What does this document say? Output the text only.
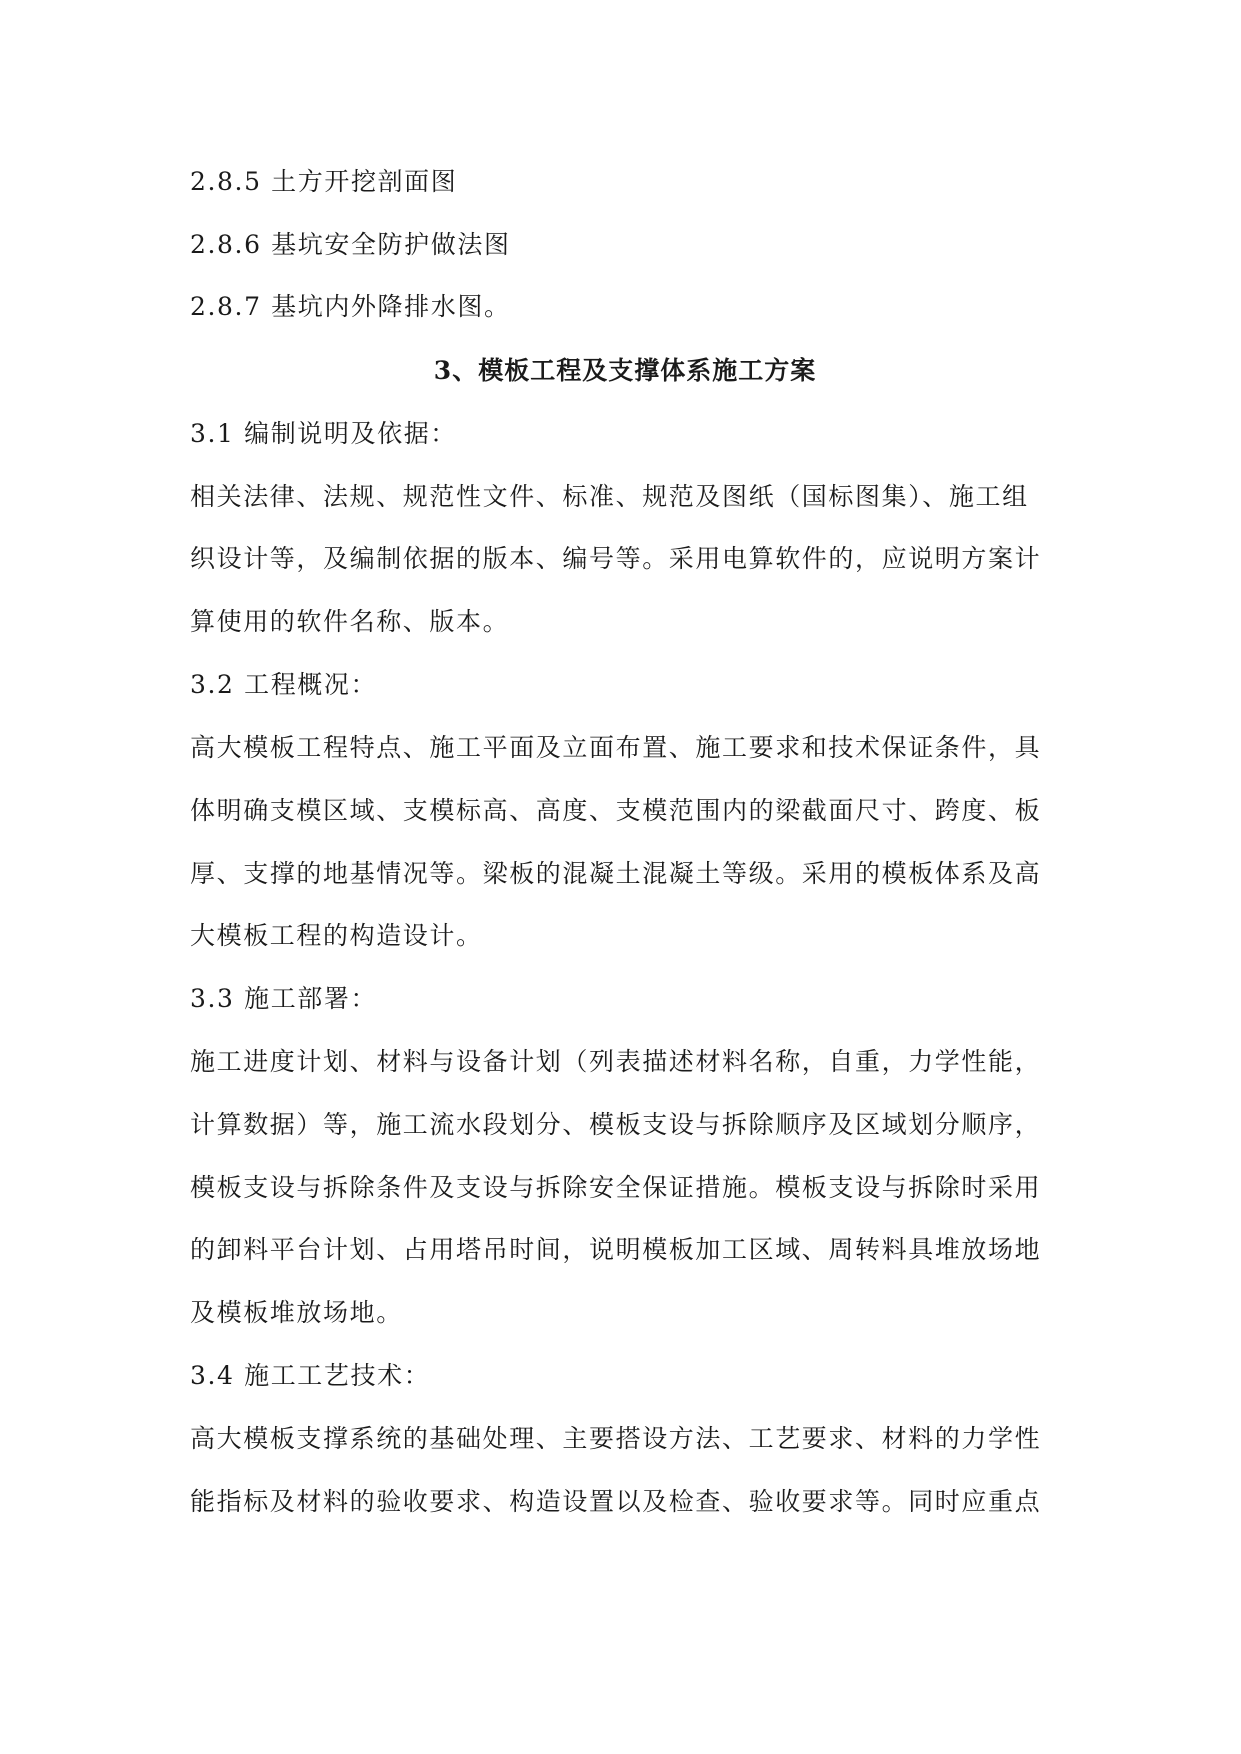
2.8.5 土方开挖剖面图
2.8.6 基坑安全防护做法图
2.8.7 基坑内外降排水图。
3、模板工程及支撑体系施工方案
3.1 编制说明及依据：
相关法律、法规、规范性文件、标准、规范及图纸（国标图集）、施工组
织设计等，及编制依据的版本、编号等。采用电算软件的，应说明方案计
算使用的软件名称、版本。
3.2 工程概况：
高大模板工程特点、施工平面及立面布置、施工要求和技术保证条件，具
体明确支模区域、支模标高、高度、支模范围内的梁截面尺寸、跨度、板
厚、支撑的地基情况等。梁板的混凝土混凝土等级。采用的模板体系及高
大模板工程的构造设计。
3.3 施工部署：
施工进度计划、材料与设备计划（列表描述材料名称，自重，力学性能，
计算数据）等，施工流水段划分、模板支设与拆除顺序及区域划分顺序，
模板支设与拆除条件及支设与拆除安全保证措施。模板支设与拆除时采用
的卸料平台计划、占用塔吊时间，说明模板加工区域、周转料具堆放场地
及模板堆放场地。
3.4 施工工艺技术：
高大模板支撑系统的基础处理、主要搭设方法、工艺要求、材料的力学性
能指标及材料的验收要求、构造设置以及检查、验收要求等。同时应重点
